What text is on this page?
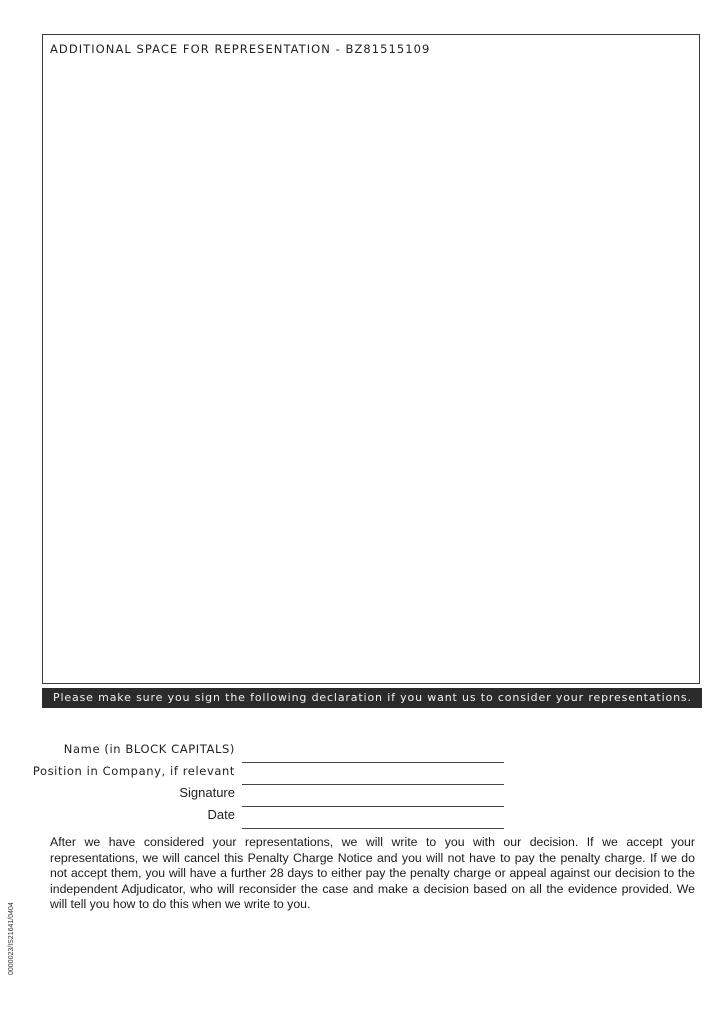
ADDITIONAL SPACE FOR REPRESENTATION - BZ81515109
Please make sure you sign the following declaration if you want us to consider your representations.
Name (in BLOCK CAPITALS)
Position in Company, if relevant
Signature
Date

After we have considered your representations, we will write to you with our decision. If we accept your representations, we will cancel this Penalty Charge Notice and you will not have to pay the penalty charge. If we do not accept them, you will have a further 28 days to either pay the penalty charge or appeal against our decision to the independent Adjudicator, who will reconsider the case and make a decision based on all the evidence provided. We will tell you how to do this when we write to you.

0000023/IS21641/0404
